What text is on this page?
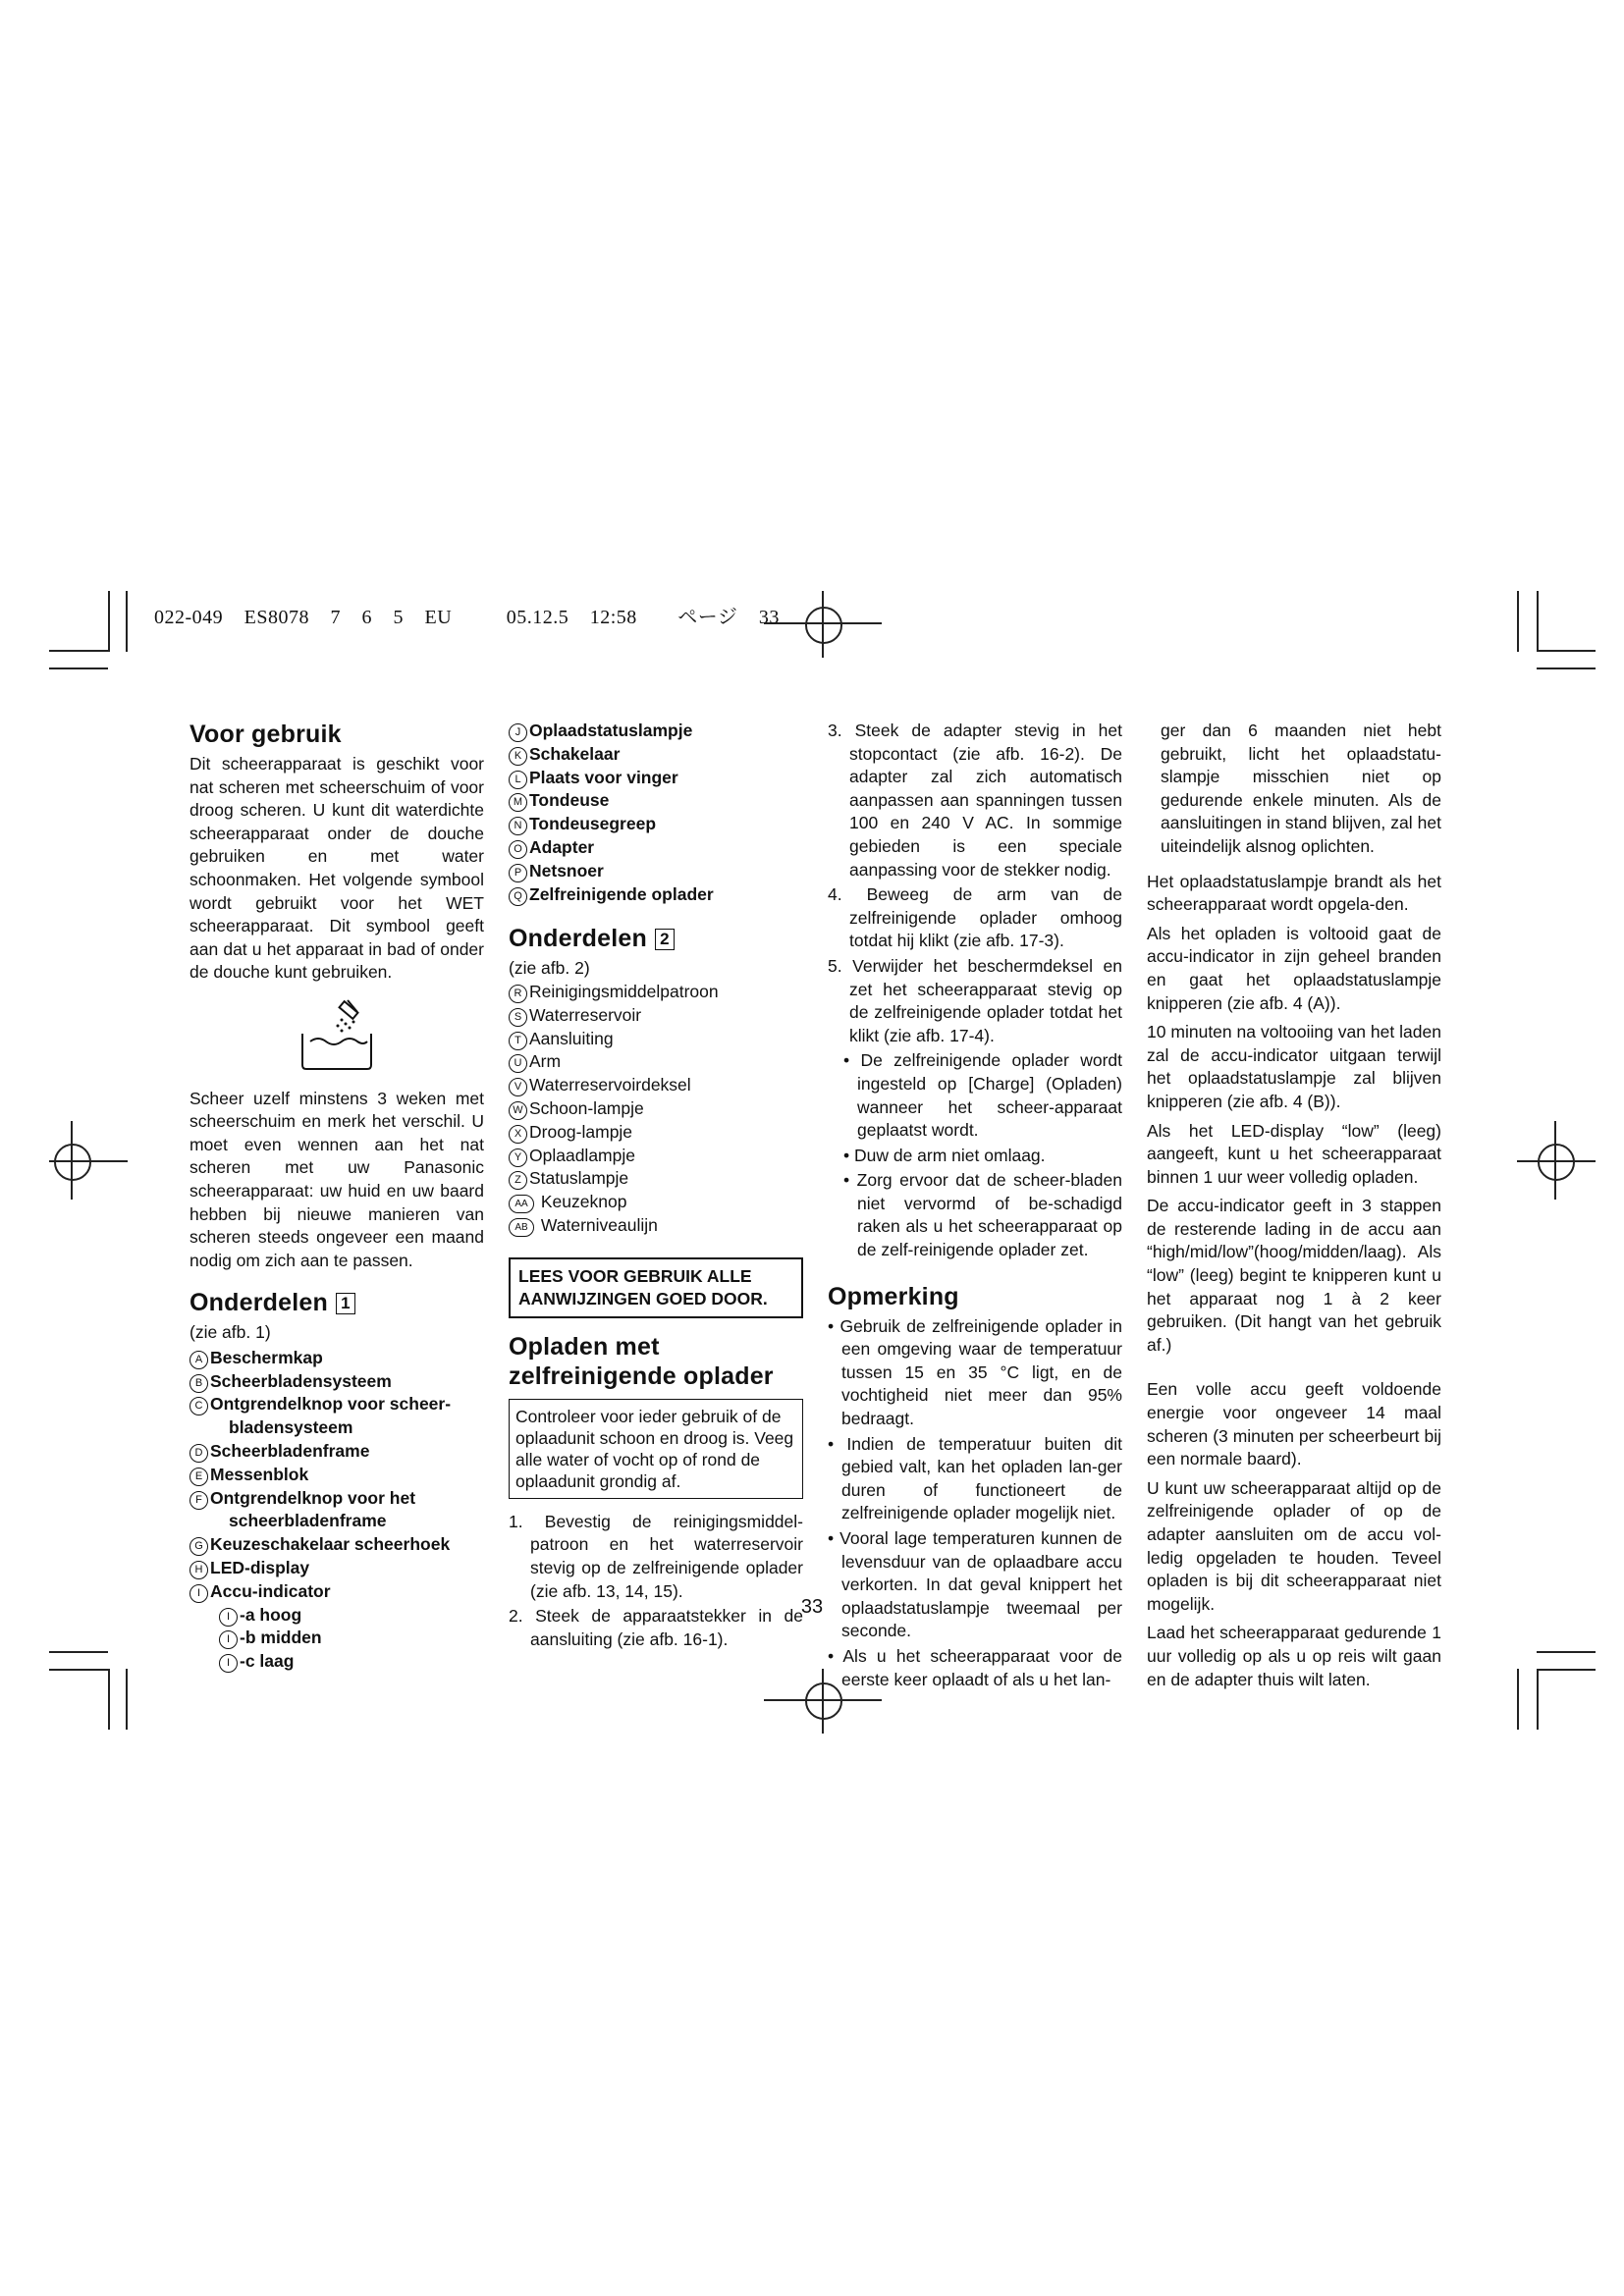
022-049 ES8078 7 6 5 EU	05.12.5 12:58 ページ 33
Voor gebruik

Dit scheerapparaat is geschikt voor nat scheren met scheerschuim of voor droog scheren. U kunt dit waterdichte scheerapparaat onder de douche gebruiken en met water schoonmaken. Het volgende symbool wordt gebruikt voor het WET scheerapparaat. Dit symbool geeft aan dat u het apparaat in bad of onder de douche kunt gebruiken.

Scheer uzelf minstens 3 weken met scheerschuim en merk het verschil. U moet even wennen aan het nat scheren met uw Panasonic scheerapparaat: uw huid en uw baard hebben bij nieuwe manieren van scheren steeds ongeveer een maand nodig om zich aan te passen.

Onderdelen 1
(zie afb. 1)
A Beschermkap
B Scheerbladensysteem
C Ontgrendelknop voor scheer-
bladensysteem
D Scheerbladenframe
E Messenblok
F Ontgrendelknop voor het
scheerbladenframe
G Keuzeschakelaar scheerhoek
H LED-display
I Accu-indicator
I -a hoog
I -b midden
I -c laag
J Oplaadstatuslampje
K Schakelaar
L Plaats voor vinger
M Tondeuse
N Tondeusegreep
O Adapter
P Netsnoer
Q Zelfreinigende oplader
Onderdelen 2
(zie afb. 2)
R Reinigingsmiddelpatroon
S Waterreservoir
T Aansluiting
U Arm
V Waterreservoirdeksel
W Schoon-lampje
X Droog-lampje
Y Oplaadlampje
Z Statuslampje
AA Keuzeknop
AB Waterniveaulijn
LEES VOOR GEBRUIK ALLE AANWIJZINGEN GOED DOOR.
Opladen met zelfreinigende oplader
Controleer voor ieder gebruik of de oplaadunit schoon en droog is. Veeg alle water of vocht op of rond de oplaadunit grondig af.
1. Bevestig de reinigingsmiddel-patroon en het waterreservoir stevig op de zelfreinigende oplader (zie afb. 13, 14, 15).
2. Steek de apparaatstekker in de aansluiting (zie afb. 16-1).
3. Steek de adapter stevig in het stopcontact (zie afb. 16-2). De adapter zal zich automatisch aanpassen aan spanningen tussen 100 en 240 V AC. In sommige gebieden is een speciale aanpassing voor de stekker nodig.
4. Beweeg de arm van de zelfreinigende oplader omhoog totdat hij klikt (zie afb. 17-3).
5. Verwijder het beschermdeksel en zet het scheerapparaat stevig op de zelfreinigende oplader totdat het klikt (zie afb. 17-4).
• De zelfreinigende oplader wordt ingesteld op [Charge] (Opladen) wanneer het scheer-apparaat geplaatst wordt.
• Duw de arm niet omlaag.
• Zorg ervoor dat de scheer-bladen niet vervormd of be-schadigd raken als u het scheerapparaat op de zelf-reinigende oplader zet.
Opmerking
• Gebruik de zelfreinigende oplader in een omgeving waar de temperatuur tussen 15 en 35 °C ligt, en de vochtigheid niet meer dan 95% bedraagt.
• Indien de temperatuur buiten dit gebied valt, kan het opladen lan-ger duren of functioneert de zelfreinigende oplader mogelijk niet.
• Vooral lage temperaturen kunnen de levensduur van de oplaadbare accu verkorten. In dat geval knippert het oplaadstatuslampje tweemaal per seconde.
• Als u het scheerapparaat voor de eerste keer oplaadt of als u het lan-

ger dan 6 maanden niet hebt gebruikt, licht het oplaadstatu-slampje misschien niet op gedurende enkele minuten. Als de aansluitingen in stand blijven, zal het uiteindelijk alsnog oplichten.

Het oplaadstatuslampje brandt als het scheerapparaat wordt opgela-den.

Als het opladen is voltooid gaat de accu-indicator in zijn geheel branden en gaat het oplaadstatuslampje knipperen (zie afb. 4 (A)).

10 minuten na voltooiing van het laden zal de accu-indicator uitgaan terwijl het oplaadstatuslampje zal blijven knipperen (zie afb. 4 (B)).

Als het LED-display “low” (leeg) aangeeft, kunt u het scheerapparaat binnen 1 uur weer volledig opladen.

De accu-indicator geeft in 3 stappen de resterende lading in de accu aan “high/mid/low”(hoog/midden/laag). Als “low” (leeg) begint te knipperen kunt u het apparaat nog 1 à 2 keer gebruiken. (Dit hangt van het gebruik af.)

Een volle accu geeft voldoende energie voor ongeveer 14 maal scheren (3 minuten per scheerbeurt bij een normale baard).

U kunt uw scheerapparaat altijd op de zelfreinigende oplader of op de adapter aansluiten om de accu vol-ledig opgeladen te houden. Teveel opladen is bij dit scheerapparaat niet mogelijk.

Laad het scheerapparaat gedurende 1 uur volledig op als u op reis wilt gaan en de adapter thuis wilt laten.

33
